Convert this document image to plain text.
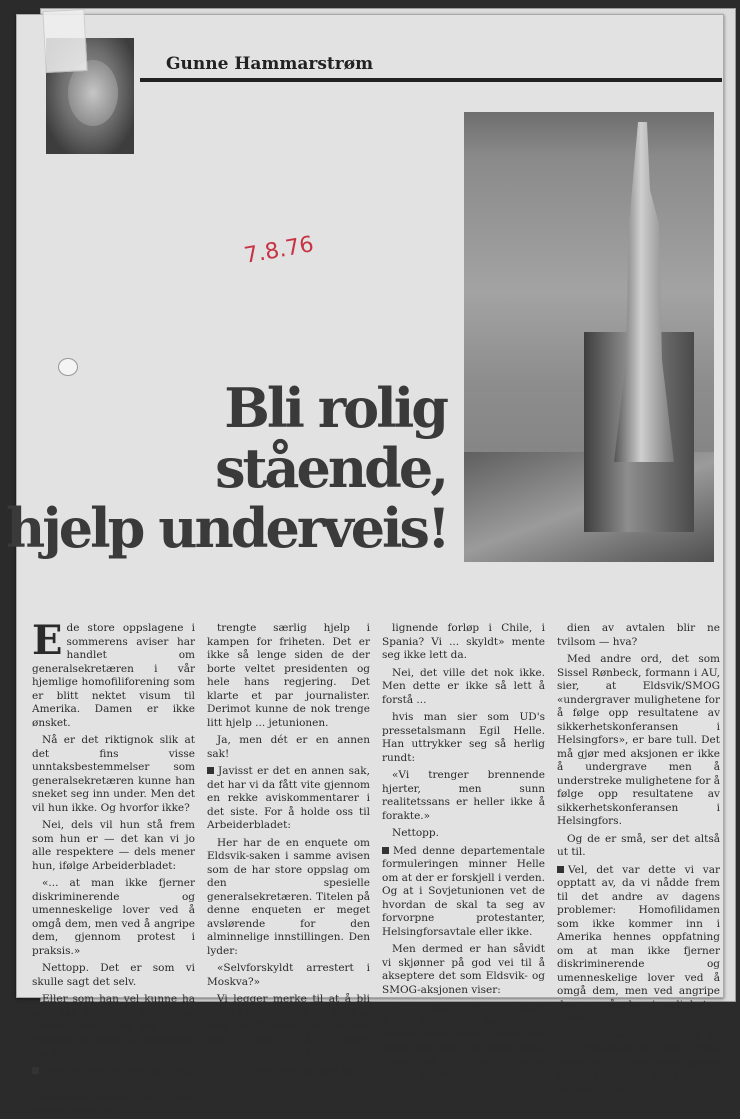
Gunne Hammarstrøm
7.8.76
Bli rolig
stående,
hjelp underveis!

Ede store oppslagene i sommerens aviser har handlet om generalsekretæren i vår hjemlige homofiliforening som er blitt nektet visum til Amerika. Damen er ikke ønsket.

Nå er det riktignok slik at det fins visse unntaksbestemmelser som generalsekretæren kunne han sneket seg inn under. Men det vil hun ikke. Og hvorfor ikke?

Nei, dels vil hun stå frem som hun er — det kan vi jo alle respektere — dels mener hun, ifølge Arbeiderbladet:

«... at man ikke fjerner diskriminerende og umenneskelige lover ved å omgå dem, men ved å angripe dem, gjennom protest i praksis.»

Nettopp. Det er som vi skulle sagt det selv.

Eller som han vel kunne ha sagt det, studenten Bernt Ivar Eldsvik som stilte seg opp i Moskva og delte ut løpesedler om frihet.

Men ellers er det slik når det gjelder generalsekretæren, at vi ikke trodde Amerika

trengte særlig hjelp i kampen for friheten. Det er ikke så lenge siden de der borte veltet presidenten og hele hans regjering. Det klarte et par journalister. Derimot kunne de nok trenge litt hjelp ... jetunionen.

Ja, men dét er en annen sak!

Javisst er det en annen sak, det har vi da fått vite gjennom en rekke aviskommentarer i det siste. For å holde oss til Arbeiderbladet:

Her har de en enquete om Eldsvik-saken i samme avisen som de har store oppslag om den spesielle generalsekretæren. Titelen på denne enqueten er meget avslørende for den alminnelige innstillingen. Den lyder:

«Selvforskyldt arrestert i Moskva?»

Vi legger merke til at å bli tatt i Moskva for å ha slått et slag for friheten, ja, det må vel sies å være «selvforskyldt» — hva?

Ja, jo. Men hva da med et

lignende forløp i Chile, i Spania? Vi ... skyldt» mente seg ikke lett da.

Nei, det ville det nok ikke. Men dette er ikke så lett å forstå ...

hvis man sier som UD's pressetalsmann Egil Helle. Han uttrykker seg så herlig rundt:

«Vi trenger brennende hjerter, men sunn realitetssans er heller ikke å forakte.»

Nettopp.

Med denne departementale formuleringen minner Helle om at der er forskjell i verden. Og at i Sovjetunionen vet de hvordan de skal ta seg av forvorpne protestanter, Helsingforsavtale eller ikke.

Men dermed er han såvidt vi skjønner på god vei til å akseptere det som Eldsvik- og SMOG-aksjonen viser:

At Sovjetunionen ikke akter å holde seg til Helsingforsavtalen, eventuelt tolke den etter sitt eget hode. Resultatet blir vel i begge tilfelle at ver-

dien av avtalen blir ne tvilsom — hva?

Med andre ord, det som Sissel Rønbeck, formann i AU, sier, at Eldsvik/SMOG «undergraver mulighetene for å følge opp resultatene av sikkerhetskonferansen i Helsingfors», er bare tull. Det må gjør med aksjonen er ikke å undergrave men å understreke mulighetene for å følge opp resultatene av sikkerhetskonferansen i Helsingfors.

Og de er små, ser det altså ut til.

Vel, det var dette vi var opptatt av, da vi nådde frem til det andre av dagens problemer: Homofilidamen som ikke kommer inn i Amerika hennes oppfatning om at man ikke fjerner diskriminerende og umenneskelige lover ved å omgå dem, men ved angripe dem og påpeke vi meligheten i dem ...» o.s.v.

Vi ante her begynnelsen en ny frihetsaksjon for arme Amerika. På en eller annen måte kom det til å vekke latteren i oss.
